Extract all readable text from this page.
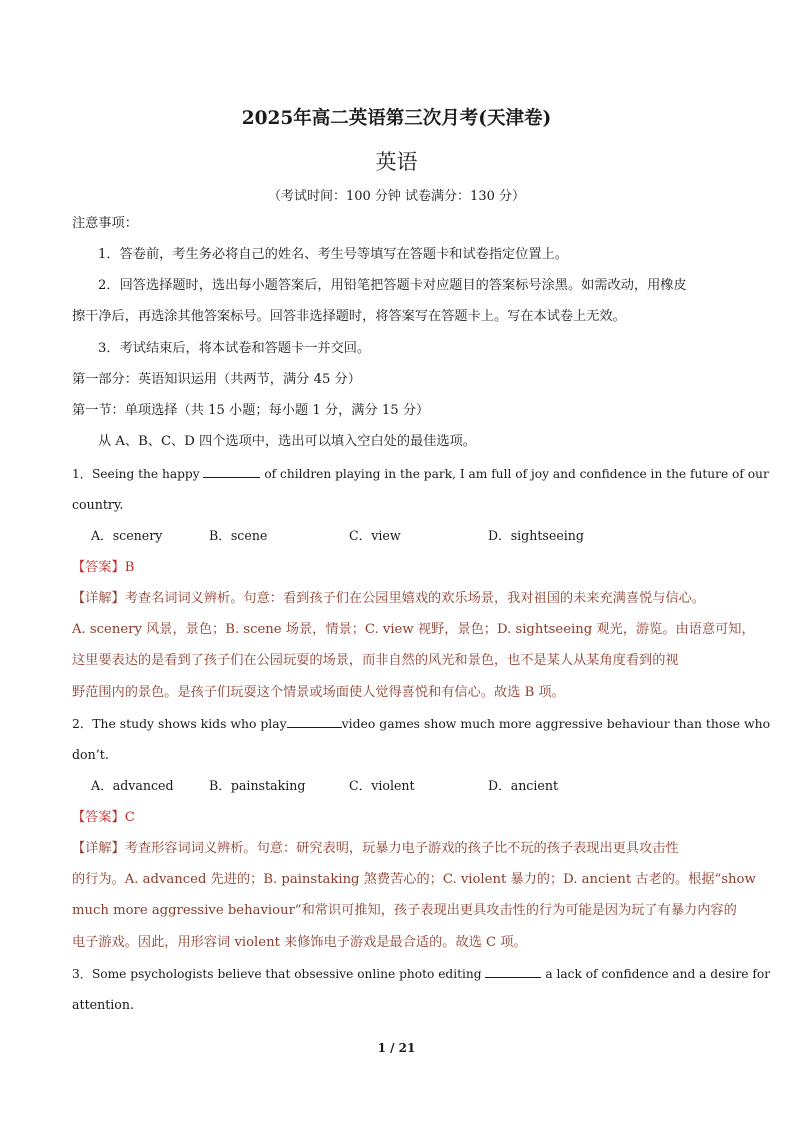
2025年高二英语第三次月考(天津卷)
英语
（考试时间：100 分钟 试卷满分：130 分）
注意事项：
1．答卷前，考生务必将自己的姓名、考生号等填写在答题卡和试卷指定位置上。
2．回答选择题时，选出每小题答案后，用铅笔把答题卡对应题目的答案标号涂黑。如需改动，用橡皮
擦干净后，再选涂其他答案标号。回答非选择题时，将答案写在答题卡上。写在本试卷上无效。
3．考试结束后，将本试卷和答题卡一并交回。
第一部分：英语知识运用（共两节，满分 45 分）
第一节：单项选择（共 15 小题；每小题 1 分，满分 15 分）
从 A、B、C、D 四个选项中，选出可以填入空白处的最佳选项。
1．Seeing the happy	of children playing in the park, I am full of joy and confidence in the future of our
country.
A．scenery	B．scene	C．view	D．sightseeing
【答案】B
【详解】考查名词词义辨析。句意：看到孩子们在公园里嬉戏的欢乐场景，我对祖国的未来充满喜悦与信心。
A. scenery 风景，景色；B. scene 场景，情景；C. view 视野，景色；D. sightseeing 观光，游览。由语意可知，
这里要表达的是看到了孩子们在公园玩耍的场景，而非自然的风光和景色，也不是某人从某角度看到的视
野范围内的景色。是孩子们玩耍这个情景或场面使人觉得喜悦和有信心。故选 B 项。
2．The study shows kids who play	video games show much more aggressive behaviour than those who
don’t.
A．advanced	B．painstaking	C．violent	D．ancient
【答案】C
【详解】考查形容词词义辨析。句意：研究表明，玩暴力电子游戏的孩子比不玩的孩子表现出更具攻击性
的行为。A. advanced 先进的；B. painstaking 煞费苦心的；C. violent 暴力的；D. ancient 古老的。根据“show
much more aggressive behaviour”和常识可推知，孩子表现出更具攻击性的行为可能是因为玩了有暴力内容的
电子游戏。因此，用形容词 violent 来修饰电子游戏是最合适的。故选 C 项。
3．Some psychologists believe that obsessive online photo editing	a lack of confidence and a desire for
attention.
1 / 21
